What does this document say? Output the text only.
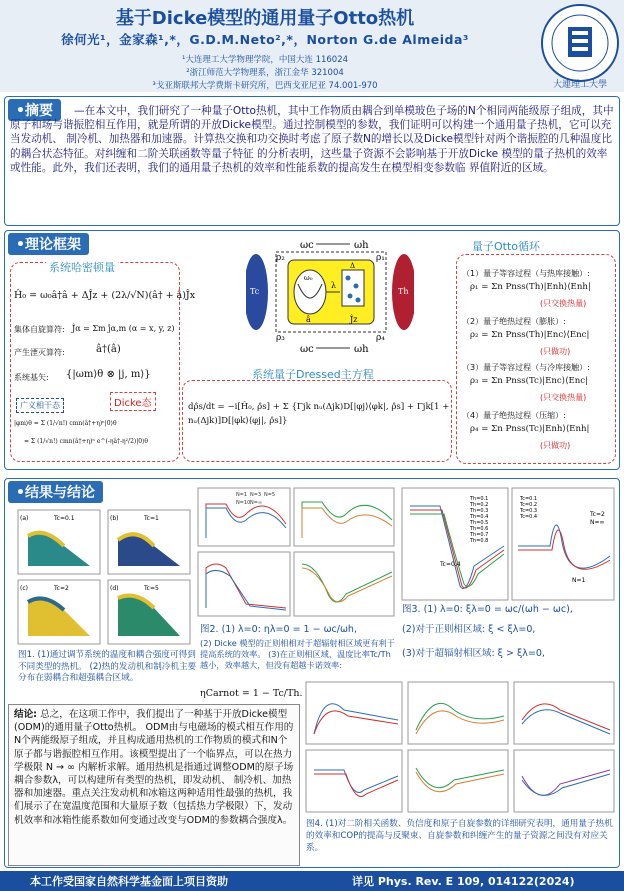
基于Dicke模型的通用量子Otto热机
徐何光¹，金家森¹,*，G.D.M.Neto²,*，Norton G.de Almeida³
¹大连理工大学物理学院，中国大连 116024
²浙江师范大学物理系，浙江金华 321004
³戈亚斯联邦大学费斯卡研究所，巴西戈亚尼亚 74.001-970	大連理工大學
•摘要	—在本文中，我们研究了一种量子Otto热机，其中工作物质由耦合到单模玻色子场的N个相同两能级原子组成，其中原子和场与谐振腔相互作用，就是所谓的开放Dicke模型。通过控制模型的参数，我们证明可以构建一个通用量子热机，它可以充当发动机、 制冷机、加热器和加速器。计算热交换和功交换时考虑了原子数N的增长以及Dicke模型针对两个谐振腔的几种温度比的耦合状态特征。对纠缠和二阶关联函数等量子特征 的分析表明，这些量子资源不会影响基于开放Dicke 模型的量子热机的效率或性能。此外，我们还表明，我们的通用量子热机的效率和性能系数的提高发生在模型相变参数临 界值附近的区域。
•理论框架
系统哈密顿量
Ĥ₀ = ω₀â†â + ΔĴz + (2λ/√N)(â† + â)Ĵx
集体自旋算符: Ĵα = Σm ĵα,m (α = x, y, z)
产生湮灭算符:	â†(â)
系统基矢: {|ωm⟩θ ⊗ |j, m⟩}
广义相干态	Dicke态
|φm⟩θ = Σ (1/√n!) cmn(â†+η)ⁿ|0⟩θ
= Σ (1/√n!) cmn(â†+η)ⁿ e^(-ηâ†-η²/2)|0⟩θ
ωc	ωh
ρ₂	ρ₁
ρ₃	ρ₄
ωc	ωh
Tc	Th
ω₀
â	Ĵz
λ
Δ
量子Otto循环
（1）量子等容过程（与热库接触）:
ρ₁ = Σn Pnss(Th)|Enh⟩⟨Enh|
(只交换热量)
（2）量子绝热过程（膨胀）:
ρ₂ = Σn Pnss(Th)|Enc⟩⟨Enc|
(只做功)
（3）量子等容过程（与冷库接触）:
ρ₃ = Σn Pnss(Tc)|Enc⟩⟨Enc|
(只交换热量)
（4）量子绝热过程（压缩）:
ρ₄ = Σn Pnss(Tc)|Enh⟩⟨Enh|
(只做功)
系统量子Dressed主方程
dρ̂s/dt = −i[Ĥ₀, ρ̂s] + Σ {Γjk nᵤ(Δjk)D[|φj⟩⟨φk|, ρ̂s] + Γjk[1 + nᵤ(Δjk)]D[|φk⟩⟨φj|, ρ̂s]}
•结果与结论
(a)	Tc=0.1	(b)	Tc=1
(c)	Tc=2	(d)	Tc=5
图1. (1)通过调节系统的温度和耦合强度可得到不同类型的热机。 (2)热的发动机和制冷机主要分布在弱耦合和超强耦合区域。
N=1 N=3 N=5
N=10 N=∞
图2. (1) λ=0: ηλ=0 = 1 − ωc/ωh,
(2) Dicke 模型的正则相相对于超辐射相区域更有利于提高系统的效率。 (3)在正则相区域，温度比率Tc/Th越小，效率越大，但没有超越卡诺效率:
ηCarnot = 1 − Tc/Th.
Th=0.1
Th=0.2
Th=0.3
Th=0.4
Th=0.5
Th=0.6
Th=0.7
Th=0.8
Tc=0.1
Tc=0.2
Tc=0.3
Tc=0.4
Tc=0.4
Tc=2
N=∞
N=1
图3. (1) λ=0: ξλ=0 = ωc/(ωh − ωc),
(2)对于正则相区域: ξ < ξλ=0,
(3)对于超辐射相区域: ξ > ξλ=0,
图4. (1)对二阶相关函数、负信度和原子自旋参数的详细研究表明，通用量子热机的效率和COP的提高与反聚束、自旋参数和纠缠产生的量子资源之间没有对应关系。
结论: 总之，在这项工作中，我们提出了一种基于开放Dicke模型(ODM)的通用量子Otto热机。 ODM由与电磁场的模式相互作用的N个两能级原子组成，并且构成通用热机的工作物质的模式和N个原子都与谐振腔相互作用。该模型提出了一个临界点，可以在热力学极限 N → ∞ 内解析求解。通用热机是指通过调整ODM的原子场耦合参数λ，可以构建所有类型的热机，即发动机、 制冷机、加热器和加速器。重点关注发动机和冰箱这两种适用性最强的热机，我们展示了在宽温度范围和大量原子数（包括热力学极限）下，发动机效率和冰箱性能系数如何变通过改变与ODM的参数耦合强度λ。
本工作受国家自然科学基金面上项目资助	详见 Phys. Rev. E 109, 014122(2024)
